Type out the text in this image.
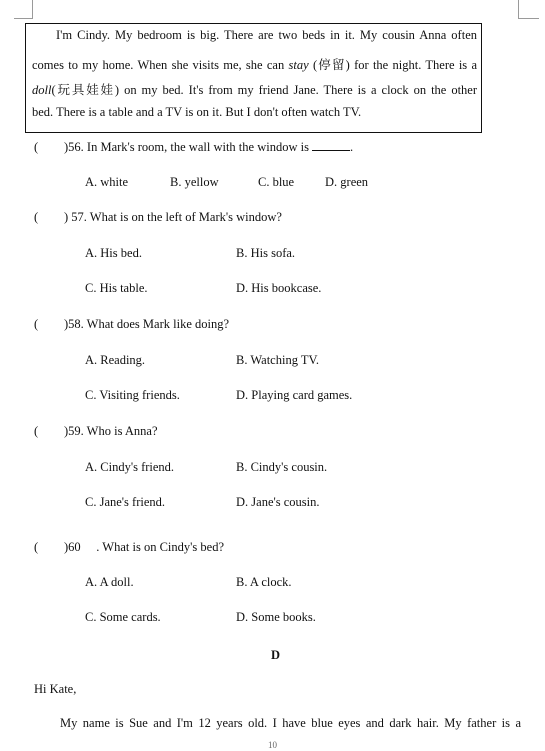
I'm Cindy. My bedroom is big. There are two beds in it. My cousin Anna often
comes to my home. When she visits me, she can stay (停留) for the night. There is a
doll(玩具娃娃) on my bed. It's from my friend Jane. There is a clock on the other
bed. There is a table and a TV is on it. But I don't often watch TV.
( )56. In Mark's room, the wall with the window is	.
A. white	B. yellow	C. blue D. green
( ) 57. What is on the left of Mark's window?
A. His bed.	B. His sofa.
C. His table.	D. His bookcase.
( )58. What does Mark like doing?
A. Reading.	B. Watching TV.
C. Visiting friends.	D. Playing card games.
( )59. Who is Anna?
A. Cindy's friend.	B. Cindy's cousin.
C. Jane's friend.	D. Jane's cousin.
( )60     . What is on Cindy's bed?
A. A doll.	B. A clock.
C. Some cards.	D. Some books.
D
Hi Kate,
My name is Sue and I'm 12 years old. I have blue eyes and dark hair. My father is a
10
